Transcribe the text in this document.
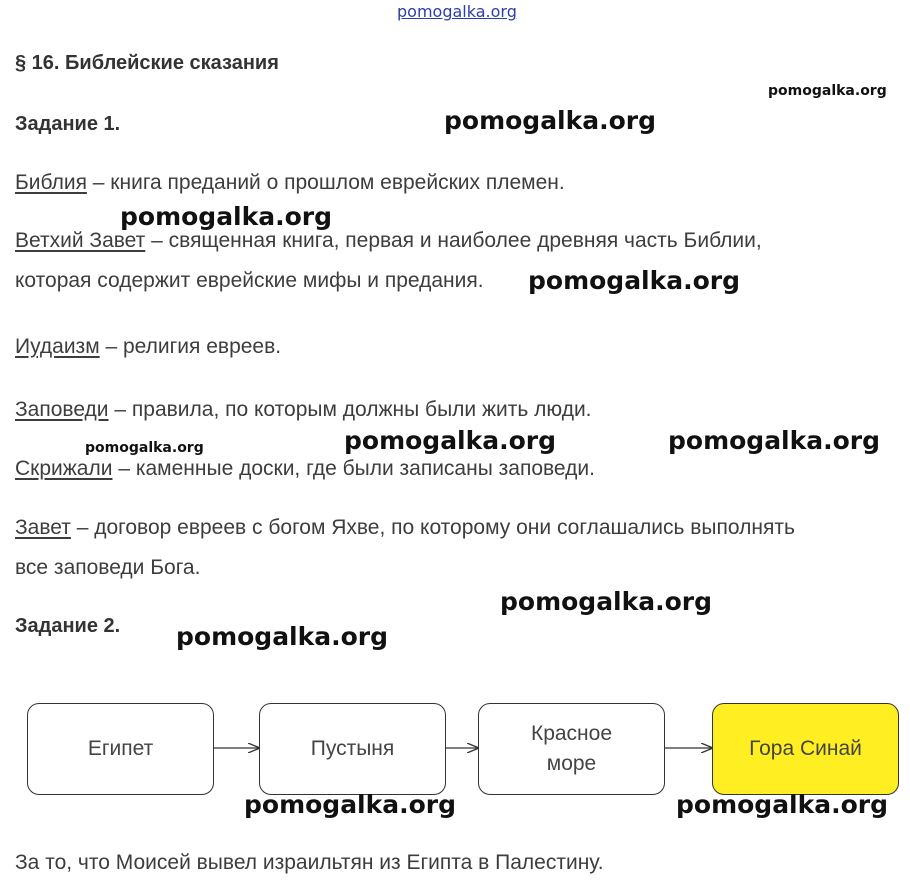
pomogalka.org
§ 16. Библейские сказания
pomogalka.org
Задание 1.	pomogalka.org
Библия – книга преданий о прошлом еврейских племен.
pomogalka.org
Ветхий Завет – священная книга, первая и наиболее древняя часть Библии,
которая содержит еврейские мифы и предания. pomogalka.org
Иудаизм – религия евреев.
Заповеди – правила, по которым должны были жить люди.
pomogalka.org	pomogalka.org	pomogalka.org
Скрижали – каменные доски, где были записаны заповеди.
Завет – договор евреев с богом Яхве, по которому они соглашались выполнять
все заповеди Бога.
pomogalka.org
Задание 2. pomogalka.org
Египет	Пустыня
Красное море
Гора Синай
pomogalka.org	pomogalka.org
За то, что Моисей вывел израильтян из Египта в Палестину.
